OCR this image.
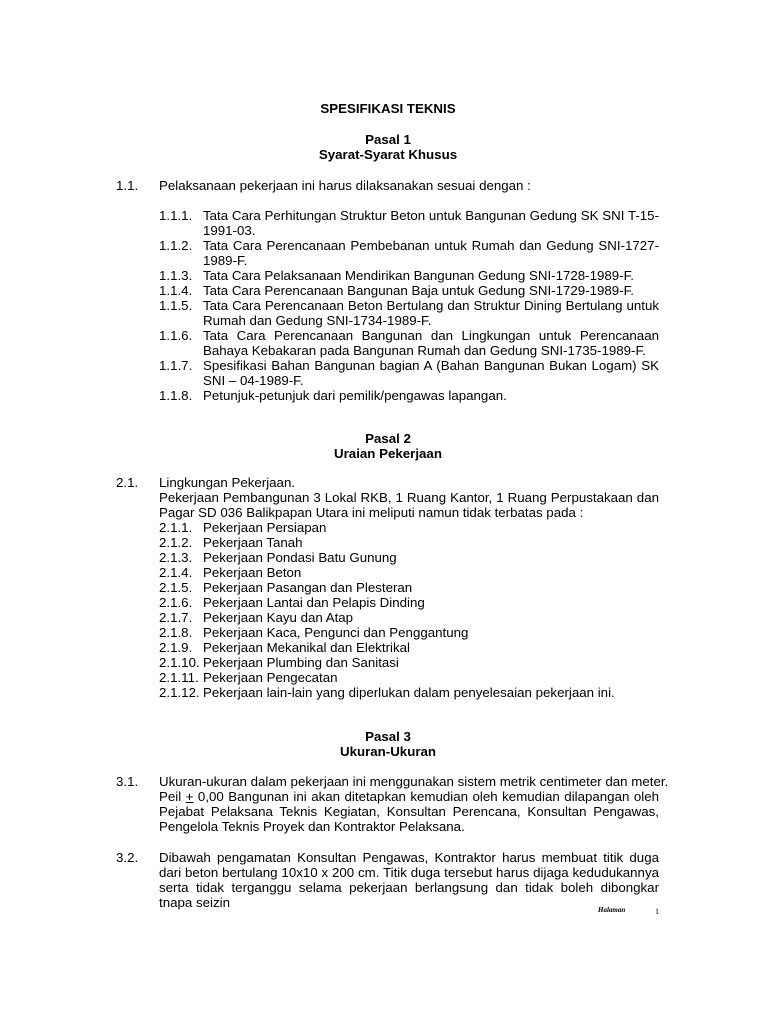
SPESIFIKASI TEKNIS
Pasal 1
Syarat-Syarat Khusus
1.1. Pelaksanaan pekerjaan ini harus dilaksanakan sesuai dengan :
1.1.1. Tata Cara Perhitungan Struktur Beton untuk Bangunan Gedung SK SNI T-15-1991-03.
1.1.2. Tata Cara Perencanaan Pembebanan untuk Rumah dan Gedung SNI-1727-1989-F.
1.1.3. Tata Cara Pelaksanaan Mendirikan Bangunan Gedung SNI-1728-1989-F.
1.1.4. Tata Cara Perencanaan Bangunan Baja untuk Gedung SNI-1729-1989-F.
1.1.5. Tata Cara Perencanaan Beton Bertulang dan Struktur Dining Bertulang untuk Rumah dan Gedung SNI-1734-1989-F.
1.1.6. Tata Cara Perencanaan Bangunan dan Lingkungan untuk Perencanaan Bahaya Kebakaran pada Bangunan Rumah dan Gedung SNI-1735-1989-F.
1.1.7. Spesifikasi Bahan Bangunan bagian A (Bahan Bangunan Bukan Logam) SK SNI – 04-1989-F.
1.1.8. Petunjuk-petunjuk dari pemilik/pengawas lapangan.
Pasal 2
Uraian Pekerjaan
2.1. Lingkungan Pekerjaan.
Pekerjaan Pembangunan 3 Lokal RKB, 1 Ruang Kantor, 1 Ruang Perpustakaan dan Pagar SD 036 Balikpapan Utara ini meliputi namun tidak terbatas pada :
2.1.1. Pekerjaan Persiapan
2.1.2. Pekerjaan Tanah
2.1.3. Pekerjaan Pondasi Batu Gunung
2.1.4. Pekerjaan Beton
2.1.5. Pekerjaan Pasangan dan Plesteran
2.1.6. Pekerjaan Lantai dan Pelapis Dinding
2.1.7. Pekerjaan Kayu dan Atap
2.1.8. Pekerjaan Kaca, Pengunci dan Penggantung
2.1.9. Pekerjaan Mekanikal dan Elektrikal
2.1.10. Pekerjaan Plumbing dan Sanitasi
2.1.11. Pekerjaan Pengecatan
2.1.12. Pekerjaan lain-lain yang diperlukan dalam penyelesaian pekerjaan ini.
Pasal 3
Ukuran-Ukuran
3.1. Ukuran-ukuran dalam pekerjaan ini menggunakan sistem metrik centimeter dan meter.
Peil + 0,00 Bangunan ini akan ditetapkan kemudian oleh kemudian dilapangan oleh Pejabat Pelaksana Teknis Kegiatan, Konsultan Perencana, Konsultan Pengawas, Pengelola Teknis Proyek dan Kontraktor Pelaksana.
3.2. Dibawah pengamatan Konsultan Pengawas, Kontraktor harus membuat titik duga dari beton bertulang 10x10 x 200 cm. Titik duga tersebut harus dijaga kedudukannya serta tidak terganggu selama pekerjaan berlangsung dan tidak boleh dibongkar tnapa seizin	Halaman	1
